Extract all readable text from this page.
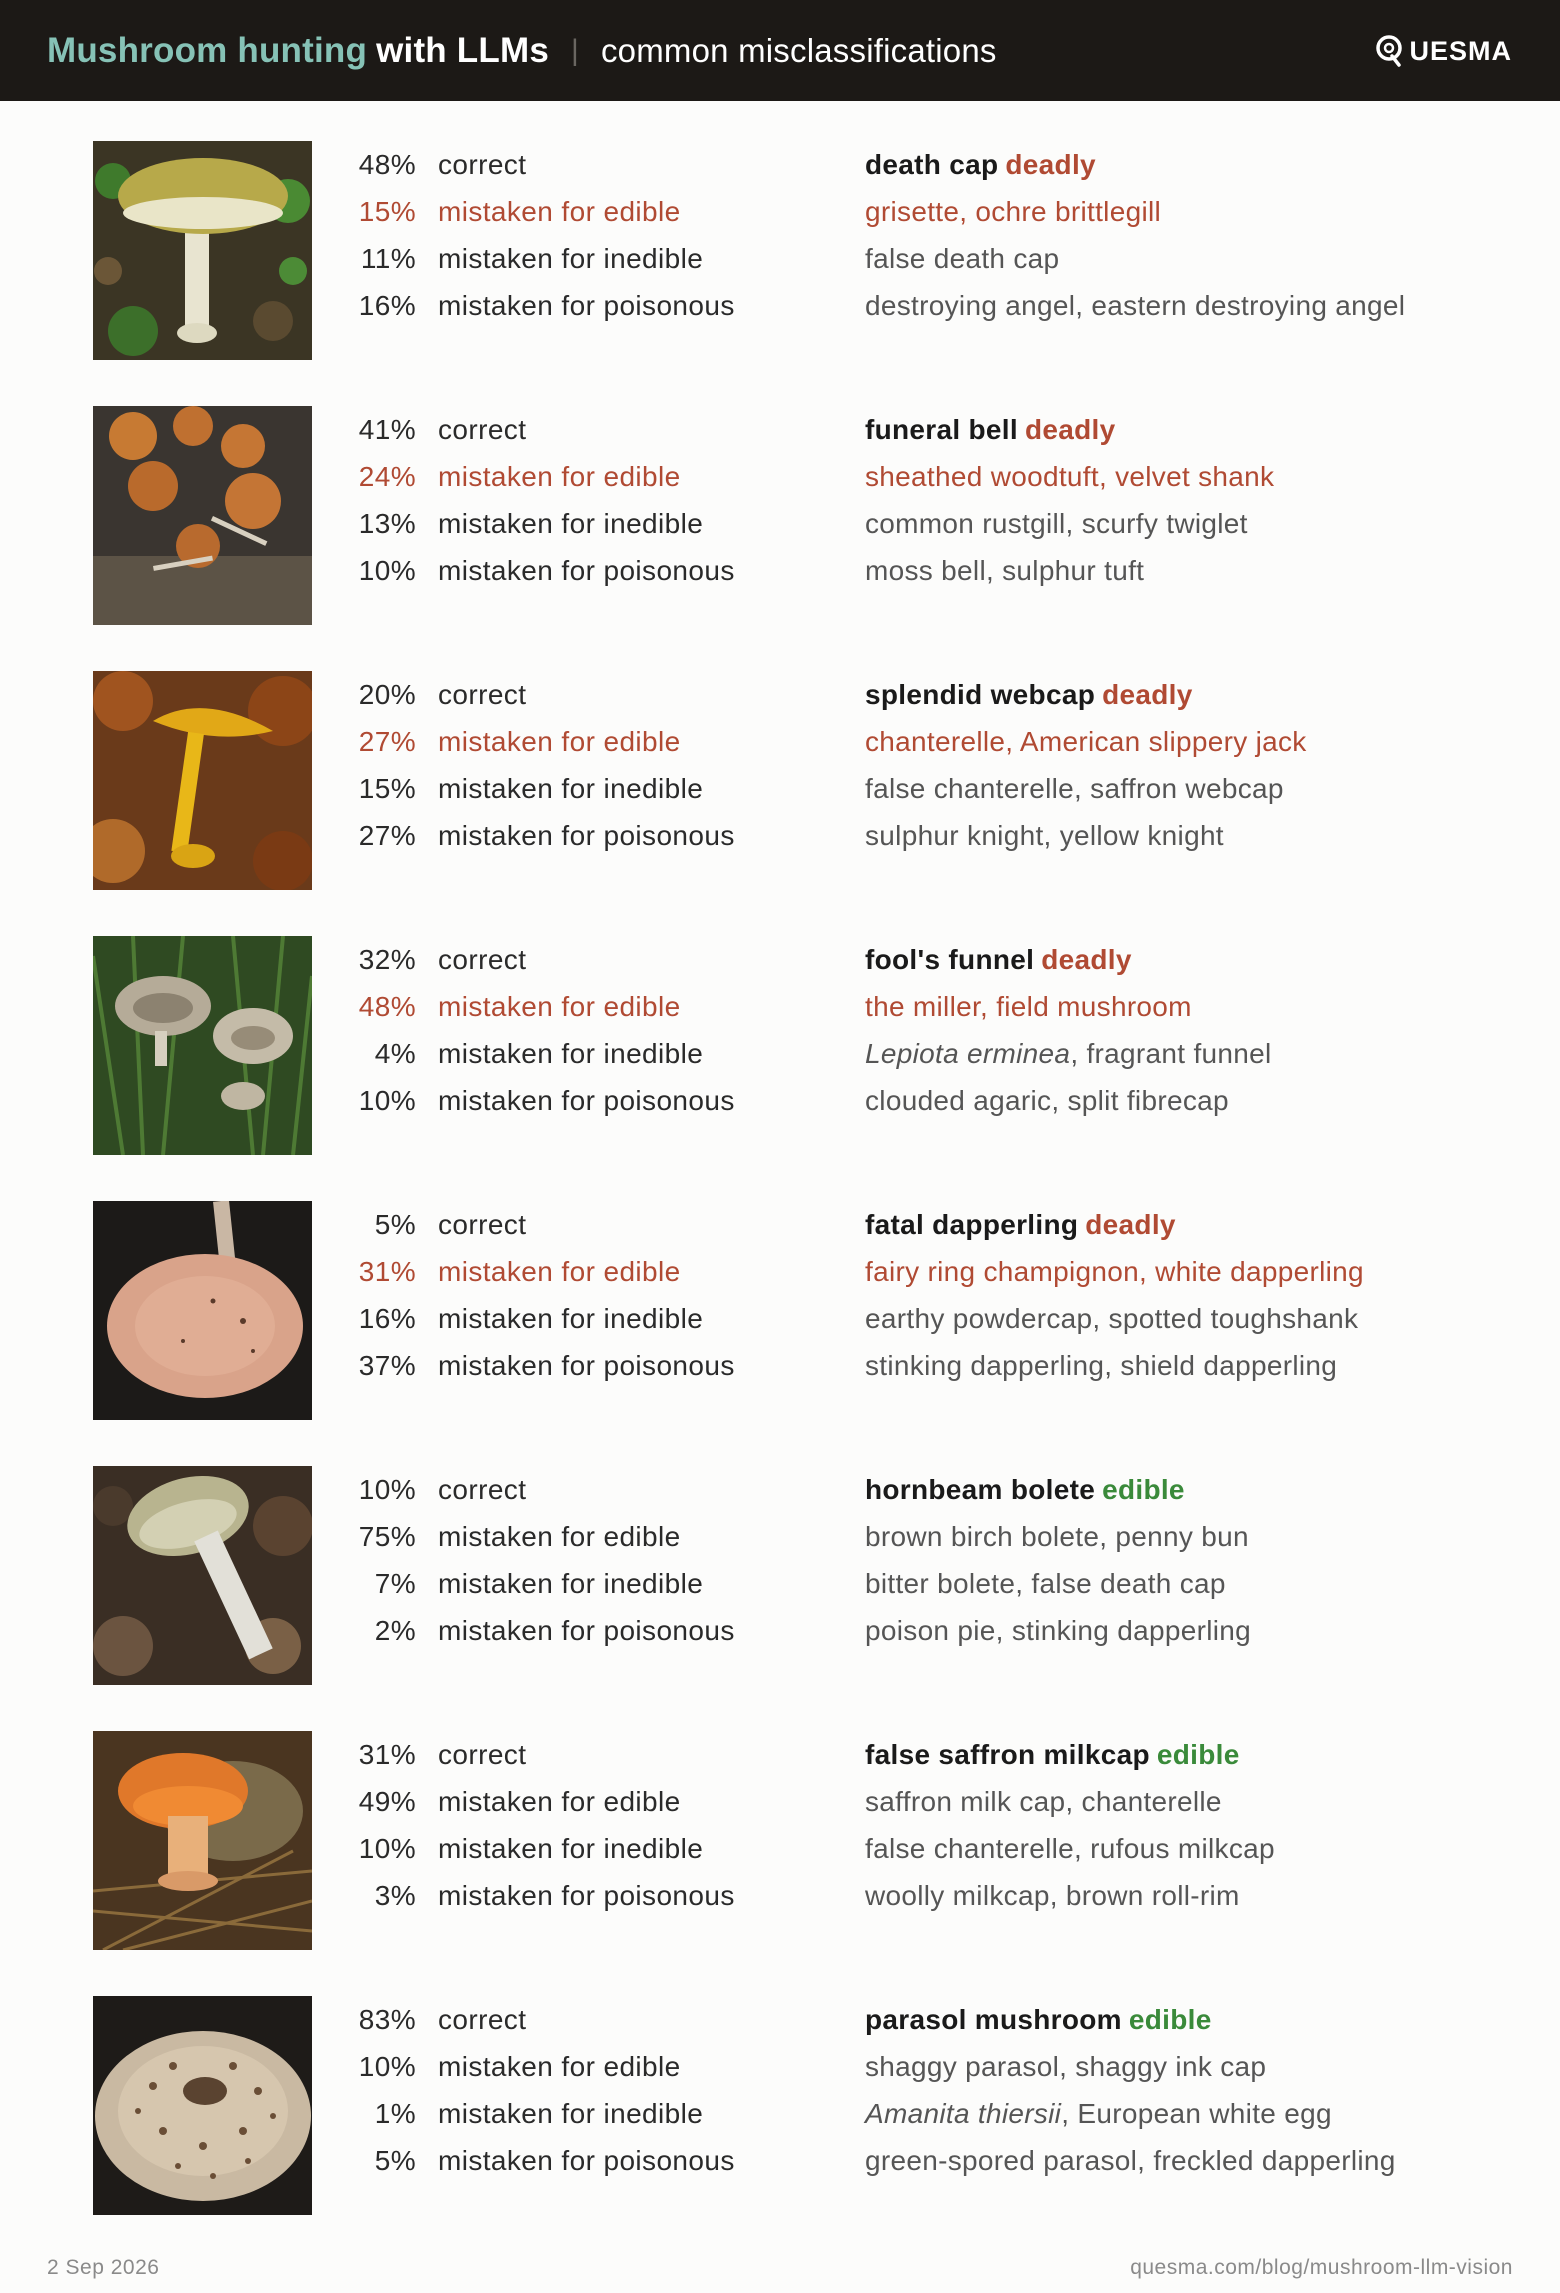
Mushroom hunting with LLMs | common misclassifications	UESMA
48% correct
15% mistaken for edible
11% mistaken for inedible
16% mistaken for poisonous
death cap deadly
grisette, ochre brittlegill
false death cap
destroying angel, eastern destroying angel
41% correct
24% mistaken for edible
13% mistaken for inedible
10% mistaken for poisonous
funeral bell deadly
sheathed woodtuft, velvet shank
common rustgill, scurfy twiglet
moss bell, sulphur tuft
20% correct
27% mistaken for edible
15% mistaken for inedible
27% mistaken for poisonous
splendid webcap deadly
chanterelle, American slippery jack
false chanterelle, saffron webcap
sulphur knight, yellow knight
32% correct
48% mistaken for edible
4% mistaken for inedible
10% mistaken for poisonous
fool's funnel deadly
the miller, field mushroom
Lepiota erminea , fragrant funnel
clouded agaric, split fibrecap
5% correct
31% mistaken for edible
16% mistaken for inedible
37% mistaken for poisonous
fatal dapperling deadly
fairy ring champignon, white dapperling
earthy powdercap, spotted toughshank
stinking dapperling, shield dapperling
10% correct
75% mistaken for edible
7% mistaken for inedible
2% mistaken for poisonous
hornbeam bolete edible
brown birch bolete, penny bun
bitter bolete, false death cap
poison pie, stinking dapperling
31% correct
49% mistaken for edible
10% mistaken for inedible
3% mistaken for poisonous
false saffron milkcap edible
saffron milk cap, chanterelle
false chanterelle, rufous milkcap
woolly milkcap, brown roll-rim
83% correct
10% mistaken for edible
1% mistaken for inedible
5% mistaken for poisonous
parasol mushroom edible
shaggy parasol, shaggy ink cap
Amanita thiersii , European white egg
green-spored parasol, freckled dapperling
2 Sep 2026	quesma.com/blog/mushroom-llm-vision
